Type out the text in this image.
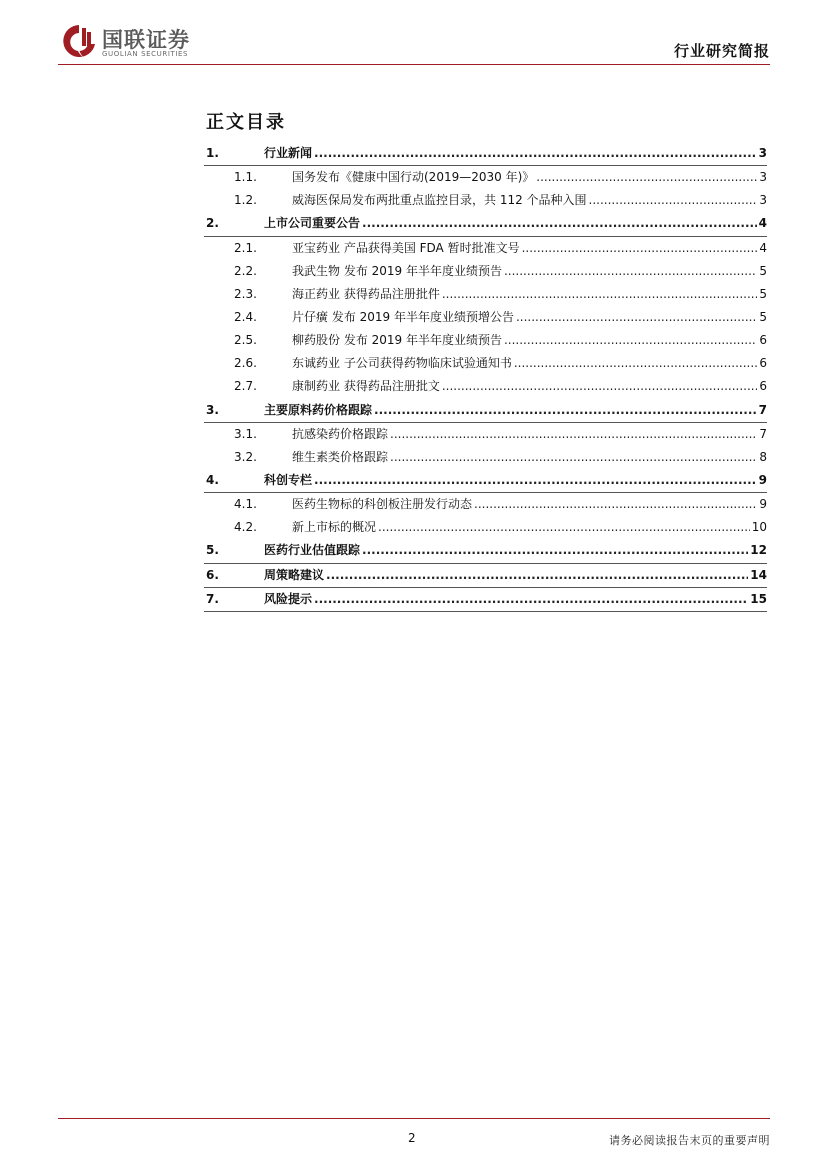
国联证券
GUOLIAN SECURITIES	行业研究简报
正文目录
1.	行业新闻 .....	3
1.1.	国务发布《健康中国行动(2019—2030 年)》 .....	3
1.2.	威海医保局发布两批重点监控目录，共 112 个品种入围 .....	3
2.	上市公司重要公告 .....	4
2.1.	亚宝药业 产品获得美国 FDA 暂时批准文号 .....	4
2.2.	我武生物 发布 2019 年半年度业绩预告 .....	5
2.3.	海正药业 获得药品注册批件 .....	5
2.4.	片仔癀 发布 2019 年半年度业绩预增公告 .....	5
2.5.	柳药股份 发布 2019 年半年度业绩预告 .....	6
2.6.	东诚药业 子公司获得药物临床试验通知书 .....	6
2.7.	康制药业 获得药品注册批文 .....	6
3.	主要原料药价格跟踪 .....	7
3.1.	抗感染药价格跟踪 .....	7
3.2.	维生素类价格跟踪 .....	8
4.	科创专栏 .....	9
4.1.	医药生物标的科创板注册发行动态 .....	9
4.2.	新上市标的概况 .....	10
5.	医药行业估值跟踪 .....	12
6.	周策略建议 .....	14
7.	风险提示 .....	15
2	请务必阅读报告末页的重要声明
